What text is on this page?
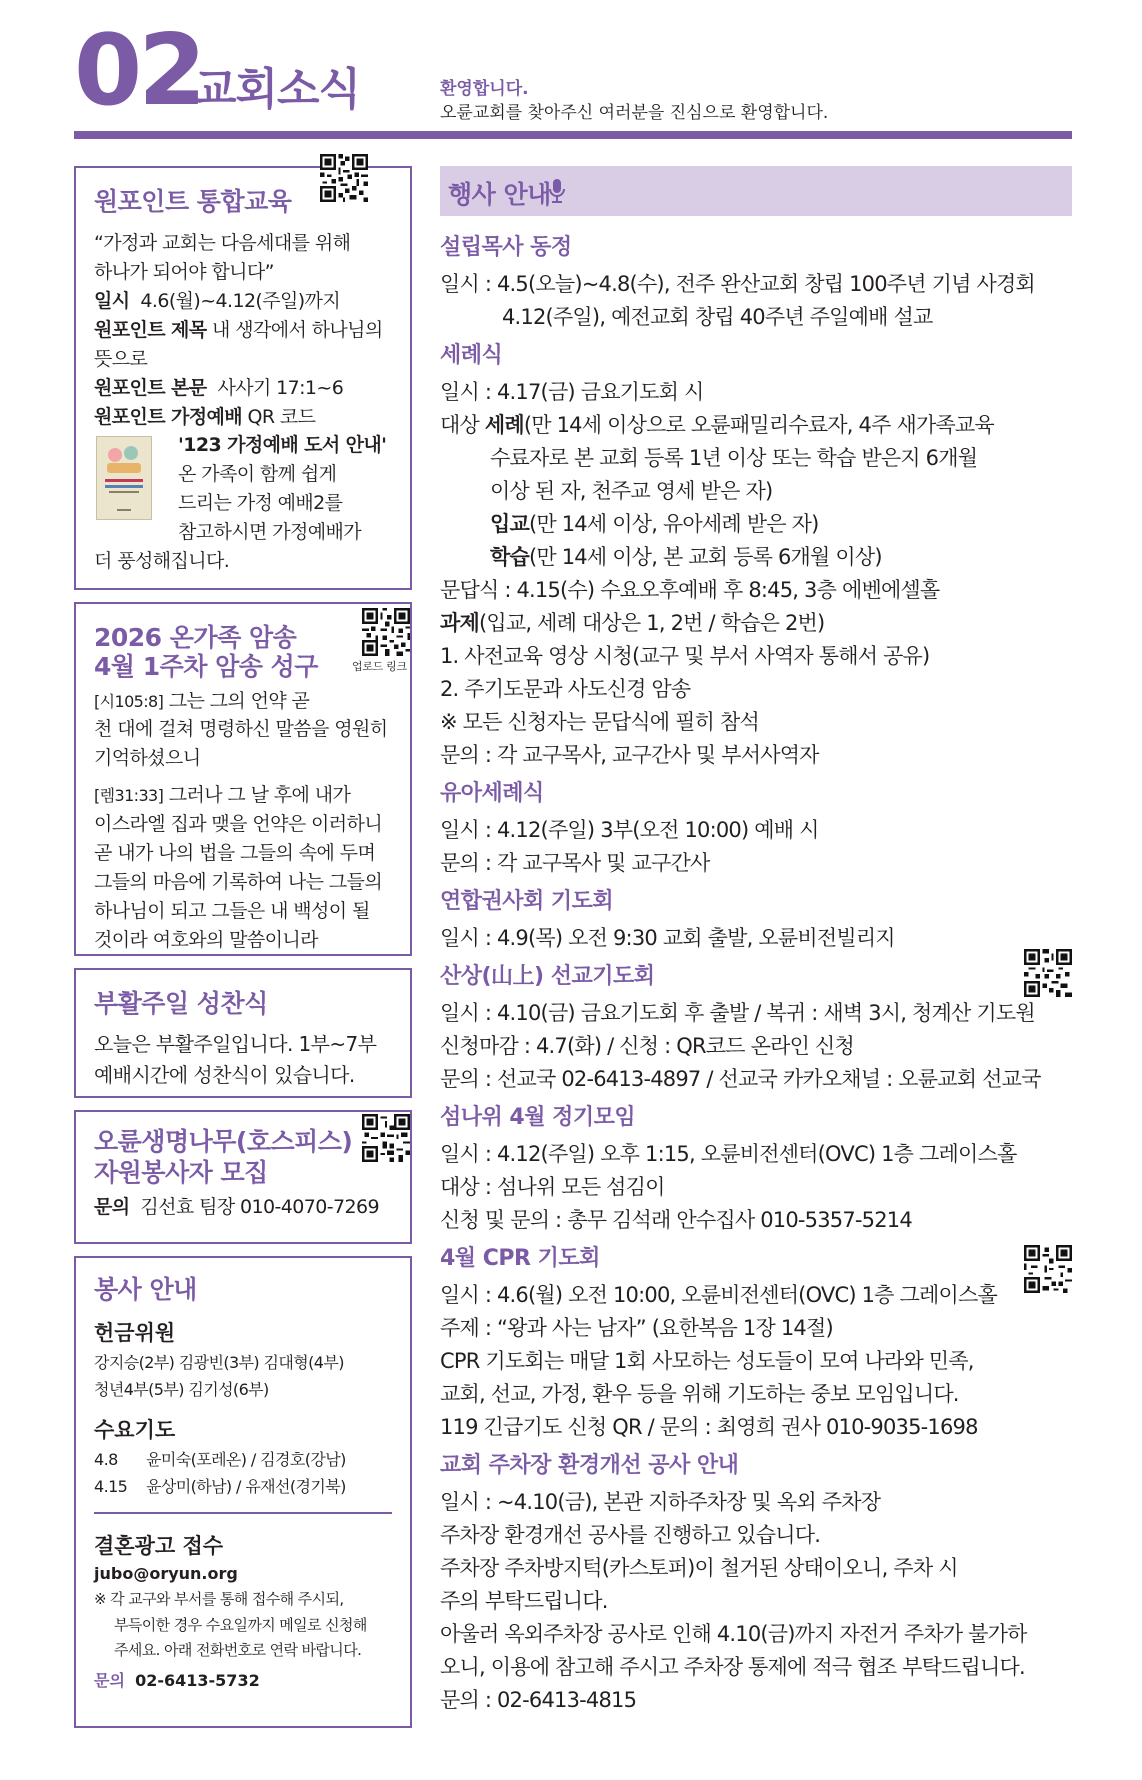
02
교회소식	환영합니다.
오륜교회를 찾아주신 여러분을 진심으로 환영합니다.
원포인트 통합교육
“가정과 교회는 다음세대를 위해
하나가 되어야 합니다”
일시 4.6(월)~4.12(주일)까지
원포인트 제목 내 생각에서 하나님의
뜻으로
원포인트 본문 사사기 17:1~6
원포인트 가정예배 QR 코드
'123 가정예배 도서 안내'
온 가족이 함께 쉽게
드리는 가정 예배2를
참고하시면 가정예배가
더 풍성해집니다.
2026 온가족 암송
4월 1주차 암송 성구
[시105:8] 그는 그의 언약 곧
천 대에 걸쳐 명령하신 말씀을 영원히
기억하셨으니
[렘31:33] 그러나 그 날 후에 내가
이스라엘 집과 맺을 언약은 이러하니
곧 내가 나의 법을 그들의 속에 두며
그들의 마음에 기록하여 나는 그들의
하나님이 되고 그들은 내 백성이 될
것이라 여호와의 말씀이니라
업로드 링크
부활주일 성찬식
오늘은 부활주일입니다. 1부~7부
예배시간에 성찬식이 있습니다.
오륜생명나무(호스피스)
자원봉사자 모집
문의 김선효 팀장 010-4070-7269
봉사 안내
헌금위원
강지승(2부) 김광빈(3부) 김대형(4부)
청년4부(5부) 김기성(6부)
수요기도
4.8 윤미숙(포레온) / 김경호(강남)
4.15 윤상미(하남) / 유재선(경기북)
결혼광고 접수
jubo@oryun.org
※ 각 교구와 부서를 통해 접수해 주시되,
부득이한 경우 수요일까지 메일로 신청해
주세요. 아래 전화번호로 연락 바랍니다.
문의 02-6413-5732
행사 안내
설립목사 동정
일시 : 4.5(오늘)~4.8(수), 전주 완산교회 창립 100주년 기념 사경회
4.12(주일), 예전교회 창립 40주년 주일예배 설교
세례식
일시 : 4.17(금) 금요기도회 시
대상 세례(만 14세 이상으로 오륜패밀리수료자, 4주 새가족교육
수료자로 본 교회 등록 1년 이상 또는 학습 받은지 6개월
이상 된 자, 천주교 영세 받은 자)
입교(만 14세 이상, 유아세례 받은 자)
학습(만 14세 이상, 본 교회 등록 6개월 이상)
문답식 : 4.15(수) 수요오후예배 후 8:45, 3층 에벤에셀홀
과제(입교, 세례 대상은 1, 2번 / 학습은 2번)
1. 사전교육 영상 시청(교구 및 부서 사역자 통해서 공유)
2. 주기도문과 사도신경 암송
※ 모든 신청자는 문답식에 필히 참석
문의 : 각 교구목사, 교구간사 및 부서사역자
유아세례식
일시 : 4.12(주일) 3부(오전 10:00) 예배 시
문의 : 각 교구목사 및 교구간사
연합권사회 기도회
일시 : 4.9(목) 오전 9:30 교회 출발, 오륜비전빌리지
산상(山上) 선교기도회
일시 : 4.10(금) 금요기도회 후 출발 / 복귀 : 새벽 3시, 청계산 기도원
신청마감 : 4.7(화) / 신청 : QR코드 온라인 신청
문의 : 선교국 02-6413-4897 / 선교국 카카오채널 : 오륜교회 선교국
섬나위 4월 정기모임
일시 : 4.12(주일) 오후 1:15, 오륜비전센터(OVC) 1층 그레이스홀
대상 : 섬나위 모든 섬김이
신청 및 문의 : 총무 김석래 안수집사 010-5357-5214
4월 CPR 기도회
일시 : 4.6(월) 오전 10:00, 오륜비전센터(OVC) 1층 그레이스홀
주제 : “왕과 사는 남자” (요한복음 1장 14절)
CPR 기도회는 매달 1회 사모하는 성도들이 모여 나라와 민족,
교회, 선교, 가정, 환우 등을 위해 기도하는 중보 모임입니다.
119 긴급기도 신청 QR / 문의 : 최영희 권사 010-9035-1698
교회 주차장 환경개선 공사 안내
일시 : ~4.10(금), 본관 지하주차장 및 옥외 주차장
주차장 환경개선 공사를 진행하고 있습니다.
주차장 주차방지턱(카스토퍼)이 철거된 상태이오니, 주차 시
주의 부탁드립니다.
아울러 옥외주차장 공사로 인해 4.10(금)까지 자전거 주차가 불가하
오니, 이용에 참고해 주시고 주차장 통제에 적극 협조 부탁드립니다.
문의 : 02-6413-4815
